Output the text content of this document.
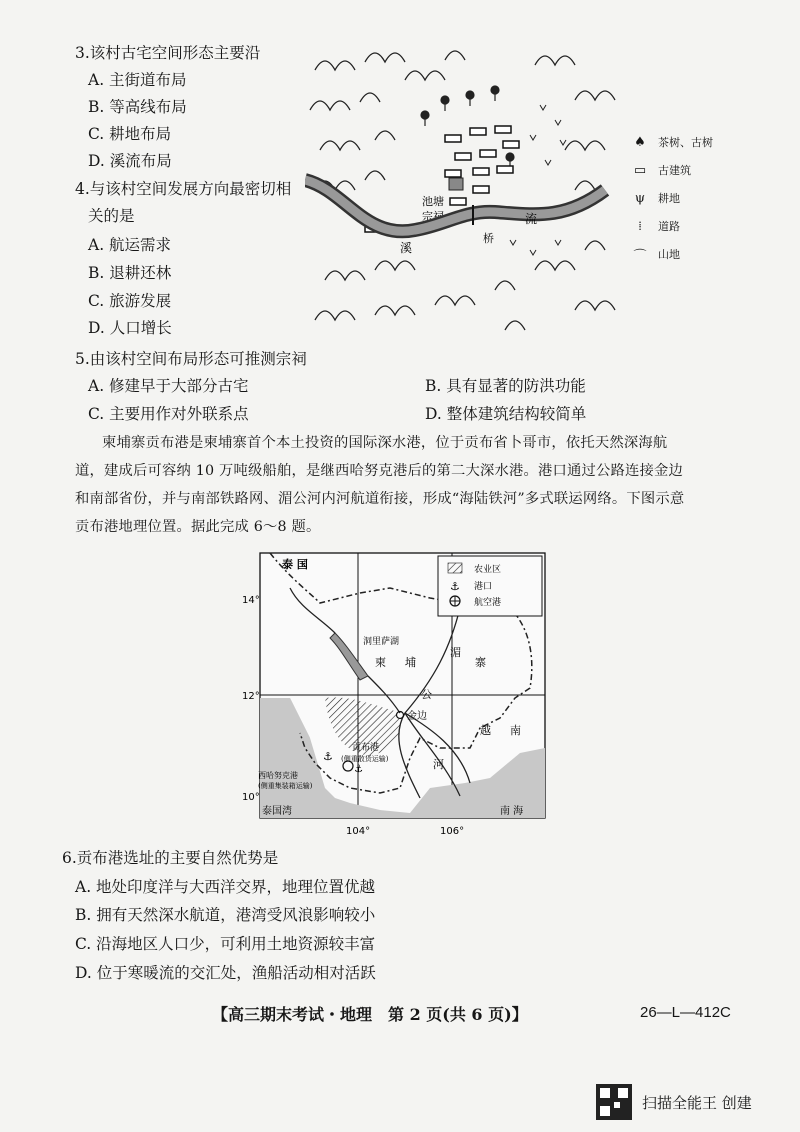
3.该村古宅空间形态主要沿
A. 主街道布局
B. 等高线布局
C. 耕地布局
D. 溪流布局
4.与该村空间发展方向最密切相
关的是
A. 航运需求
B. 退耕还林
C. 旅游发展
D. 人口增长
池塘
宗祠
溪
流
桥
♠	茶树、古树
▭	古建筑
ψ	耕地
⁞	道路
⌒	山地
5.由该村空间布局形态可推测宗祠
A. 修建早于大部分古宅	B. 具有显著的防洪功能
C. 主要用作对外联系点	D. 整体建筑结构较简单
柬埔寨贡布港是柬埔寨首个本土投资的国际深水港，位于贡布省卜哥市，依托天然深海航
道，建成后可容纳 10 万吨级船舶，是继西哈努克港后的第二大深水港。港口通过公路连接金边
和南部省份，并与南部铁路网、湄公河内河航道衔接，形成“海陆铁河”多式联运网络。下图示意
贡布港地理位置。据此完成 6～8 题。
农业区
⚓ 港口
航空港
14°
12°
10°
104°	106°
泰 国
洞里萨湖
柬 埔	寨
湄
公
河
金边
越 南
贡布港
(侧重散货运输)
西哈努克港
(侧重集装箱运输)
⚓
⚓
泰国湾	南 海
6.贡布港选址的主要自然优势是
A. 地处印度洋与大西洋交界，地理位置优越
B. 拥有天然深水航道，港湾受风浪影响较小
C. 沿海地区人口少，可利用土地资源较丰富
D. 位于寒暖流的交汇处，渔船活动相对活跃
【高三期末考试・地理　第 2 页(共 6 页)】	26—L—412C
扫描全能王 创建
